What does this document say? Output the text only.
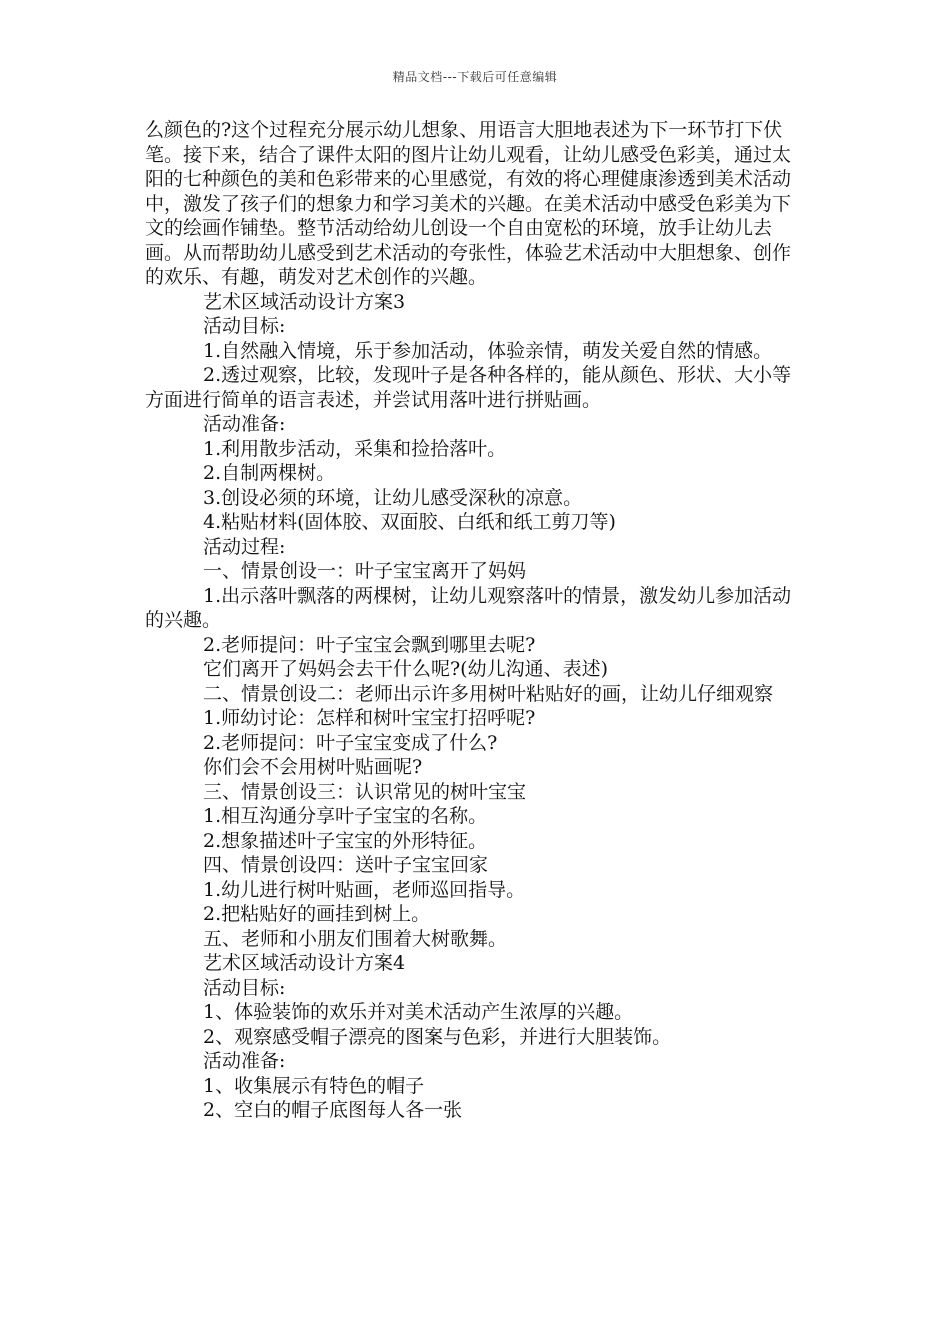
精品文档---下载后可任意编辑

么颜色的?这个过程充分展示幼儿想象、用语言大胆地表述为下一环节打下伏笔。接下来，结合了课件太阳的图片让幼儿观看，让幼儿感受色彩美，通过太阳的七种颜色的美和色彩带来的心里感觉，有效的将心理健康渗透到美术活动中，激发了孩子们的想象力和学习美术的兴趣。在美术活动中感受色彩美为下文的绘画作铺垫。整节活动给幼儿创设一个自由宽松的环境，放手让幼儿去画。从而帮助幼儿感受到艺术活动的夸张性，体验艺术活动中大胆想象、创作的欢乐、有趣，萌发对艺术创作的兴趣。

艺术区域活动设计方案3

活动目标:

1.自然融入情境，乐于参加活动，体验亲情，萌发关爱自然的情感。

2.透过观察，比较，发现叶子是各种各样的，能从颜色、形状、大小等方面进行简单的语言表述，并尝试用落叶进行拼贴画。

活动准备:

1.利用散步活动，采集和捡拾落叶。

2.自制两棵树。

3.创设必须的环境，让幼儿感受深秋的凉意。

4.粘贴材料(固体胶、双面胶、白纸和纸工剪刀等)

活动过程:

一、情景创设一：叶子宝宝离开了妈妈

1.出示落叶飘落的两棵树，让幼儿观察落叶的情景，激发幼儿参加活动的兴趣。

2.老师提问：叶子宝宝会飘到哪里去呢?

它们离开了妈妈会去干什么呢?(幼儿沟通、表述)

二、情景创设二：老师出示许多用树叶粘贴好的画，让幼儿仔细观察

1.师幼讨论：怎样和树叶宝宝打招呼呢?

2.老师提问：叶子宝宝变成了什么?

你们会不会用树叶贴画呢?

三、情景创设三：认识常见的树叶宝宝

1.相互沟通分享叶子宝宝的名称。

2.想象描述叶子宝宝的外形特征。

四、情景创设四：送叶子宝宝回家

1.幼儿进行树叶贴画，老师巡回指导。

2.把粘贴好的画挂到树上。

五、老师和小朋友们围着大树歌舞。

艺术区域活动设计方案4

活动目标:

1、体验装饰的欢乐并对美术活动产生浓厚的兴趣。

2、观察感受帽子漂亮的图案与色彩，并进行大胆装饰。

活动准备:

1、收集展示有特色的帽子

2、空白的帽子底图每人各一张
